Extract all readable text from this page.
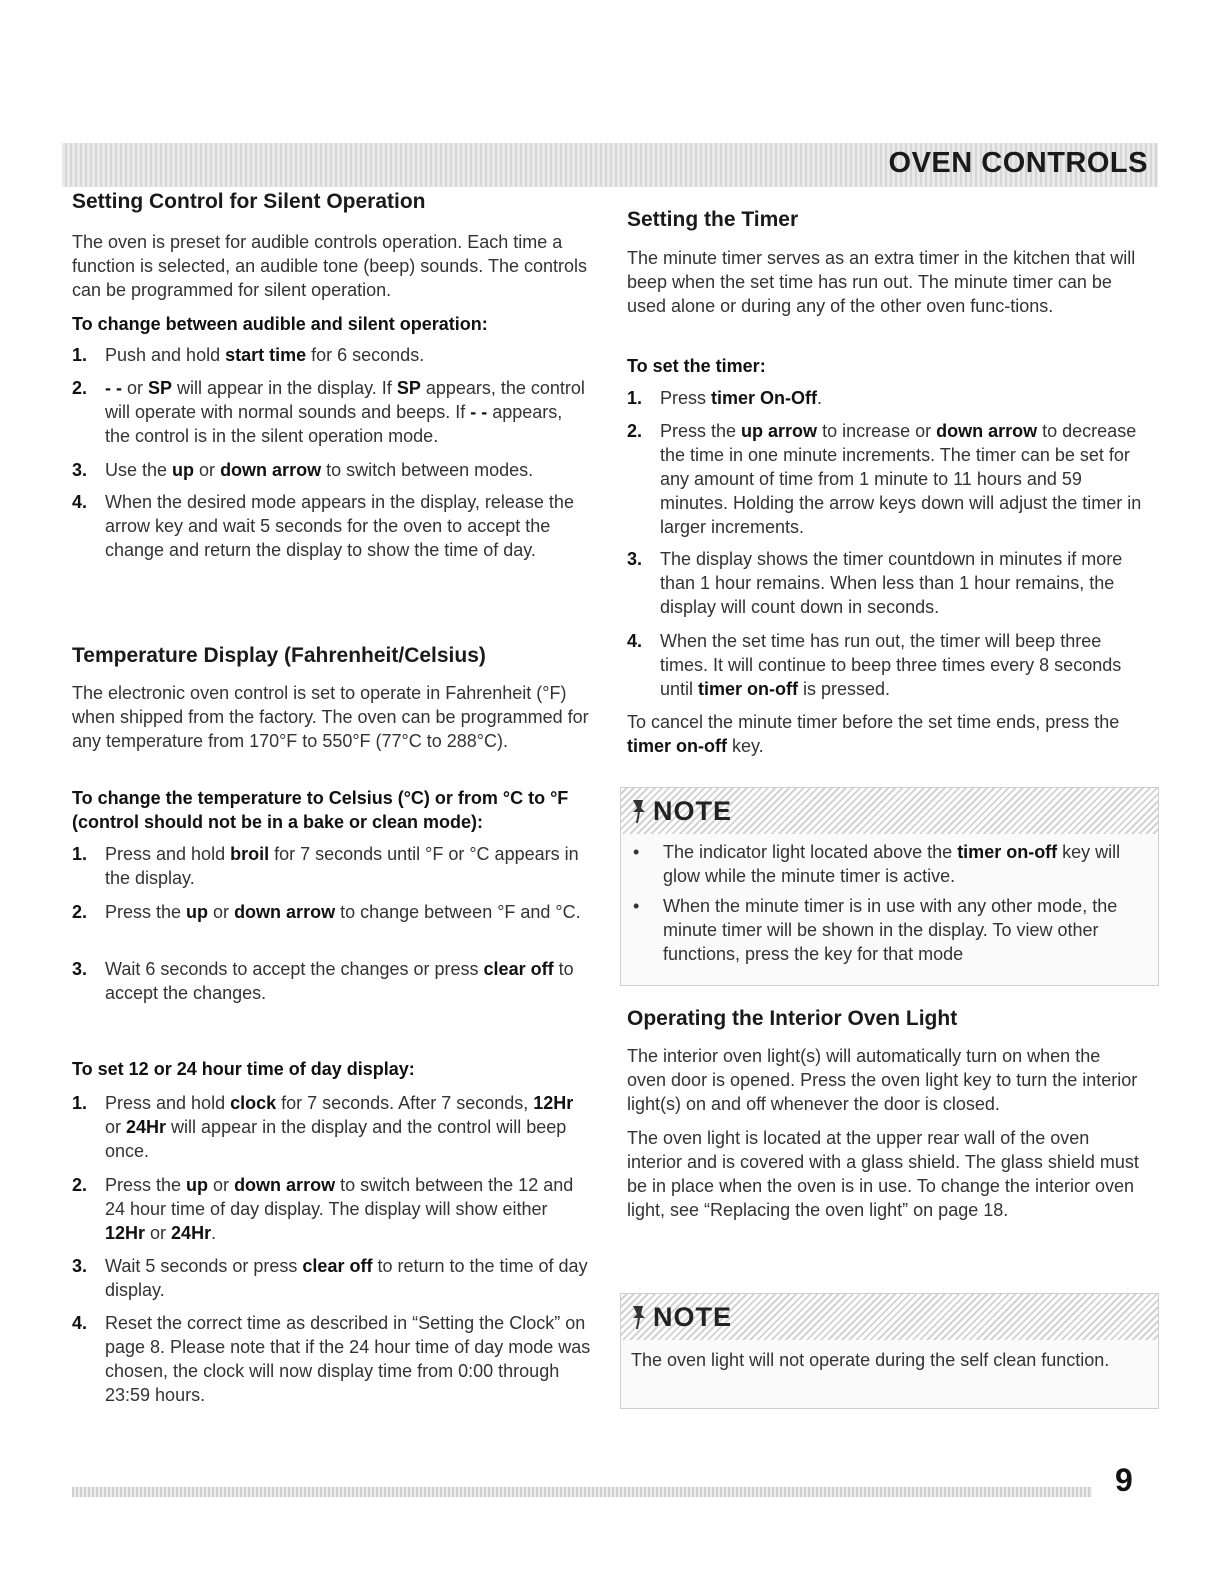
OVEN CONTROLS
Setting Control for Silent Operation

The oven is preset for audible controls operation. Each time a function is selected, an audible tone (beep) sounds. The controls can be programmed for silent operation.

To change between audible and silent operation:

1. Push and hold start time for 6 seconds.
2. - - or SP will appear in the display. If SP appears, the control will operate with normal sounds and beeps. If - - appears, the control is in the silent operation mode.
3. Use the up or down arrow to switch between modes.
4. When the desired mode appears in the display, release the arrow key and wait 5 seconds for the oven to accept the change and return the display to show the time of day.
Temperature Display (Fahrenheit/Celsius)

The electronic oven control is set to operate in Fahrenheit (°F) when shipped from the factory. The oven can be programmed for any temperature from 170°F to 550°F (77°C to 288°C).

To change the temperature to Celsius (°C) or from °C to °F (control should not be in a bake or clean mode):

1. Press and hold broil for 7 seconds until °F or °C appears in the display.
2. Press the up or down arrow to change between °F and °C.
3. Wait 6 seconds to accept the changes or press clear off to accept the changes.

To set 12 or 24 hour time of day display:

1. Press and hold clock for 7 seconds. After 7 seconds, 12Hr or 24Hr will appear in the display and the control will beep once.
2. Press the up or down arrow to switch between the 12 and 24 hour time of day display. The display will show either 12Hr or 24Hr.
3. Wait 5 seconds or press clear off to return to the time of day display.
4. Reset the correct time as described in “Setting the Clock” on page 8. Please note that if the 24 hour time of day mode was chosen, the clock will now display time from 0:00 through 23:59 hours.
Setting the Timer

The minute timer serves as an extra timer in the kitchen that will beep when the set time has run out. The minute timer can be used alone or during any of the other oven func-tions.

To set the timer:

1. Press timer On-Off.
2. Press the up arrow to increase or down arrow to decrease the time in one minute increments. The timer can be set for any amount of time from 1 minute to 11 hours and 59 minutes. Holding the arrow keys down will adjust the timer in larger increments.
3. The display shows the timer countdown in minutes if more than 1 hour remains. When less than 1 hour remains, the display will count down in seconds.
4. When the set time has run out, the timer will beep three times. It will continue to beep three times every 8 seconds until timer on-off is pressed.

To cancel the minute timer before the set time ends, press the timer on-off key.

Operating the Interior Oven Light

The interior oven light(s) will automatically turn on when the oven door is opened. Press the oven light key to turn the interior light(s) on and off whenever the door is closed.

The oven light is located at the upper rear wall of the oven interior and is covered with a glass shield. The glass shield must be in place when the oven is in use. To change the interior oven light, see “Replacing the oven light” on page 18.

NOTE

• The indicator light located above the timer on-off key will glow while the minute timer is active.

• When the minute timer is in use with any other mode, the minute timer will be shown in the display. To view other functions, press the key for that mode

NOTE

The oven light will not operate during the self clean function.

9
